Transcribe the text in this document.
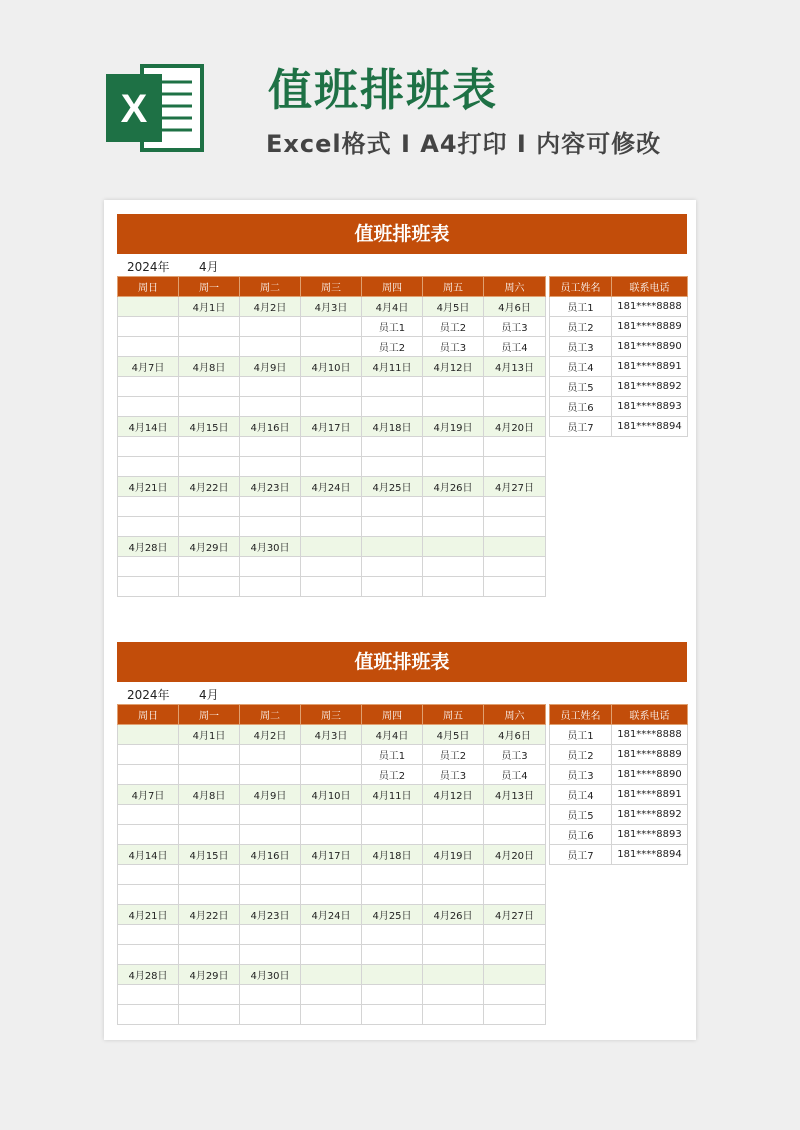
X	值班排班表
Excel格式 I A4打印 I 内容可修改
值班排班表
2024年 4月
周日	周一	周二	周三	周四	周五	周六
	4月1日	4月2日	4月3日	4月4日	4月5日	4月6日
				员工1	员工2	员工3
				员工2	员工3	员工4
4月7日	4月8日	4月9日	4月10日	4月11日	4月12日	4月13日

4月14日	4月15日	4月16日	4月17日	4月18日	4月19日	4月20日

4月21日	4月22日	4月23日	4月24日	4月25日	4月26日	4月27日

4月28日	4月29日	4月30日				

员工姓名	联系电话
员工1	181****8888
员工2	181****8889
员工3	181****8890
员工4	181****8891
员工5	181****8892
员工6	181****8893
员工7	181****8894
值班排班表
2024年 4月
周日	周一	周二	周三	周四	周五	周六
	4月1日	4月2日	4月3日	4月4日	4月5日	4月6日
				员工1	员工2	员工3
				员工2	员工3	员工4
4月7日	4月8日	4月9日	4月10日	4月11日	4月12日	4月13日

4月14日	4月15日	4月16日	4月17日	4月18日	4月19日	4月20日

4月21日	4月22日	4月23日	4月24日	4月25日	4月26日	4月27日

4月28日	4月29日	4月30日				

员工姓名	联系电话
员工1	181****8888
员工2	181****8889
员工3	181****8890
员工4	181****8891
员工5	181****8892
员工6	181****8893
员工7	181****8894
